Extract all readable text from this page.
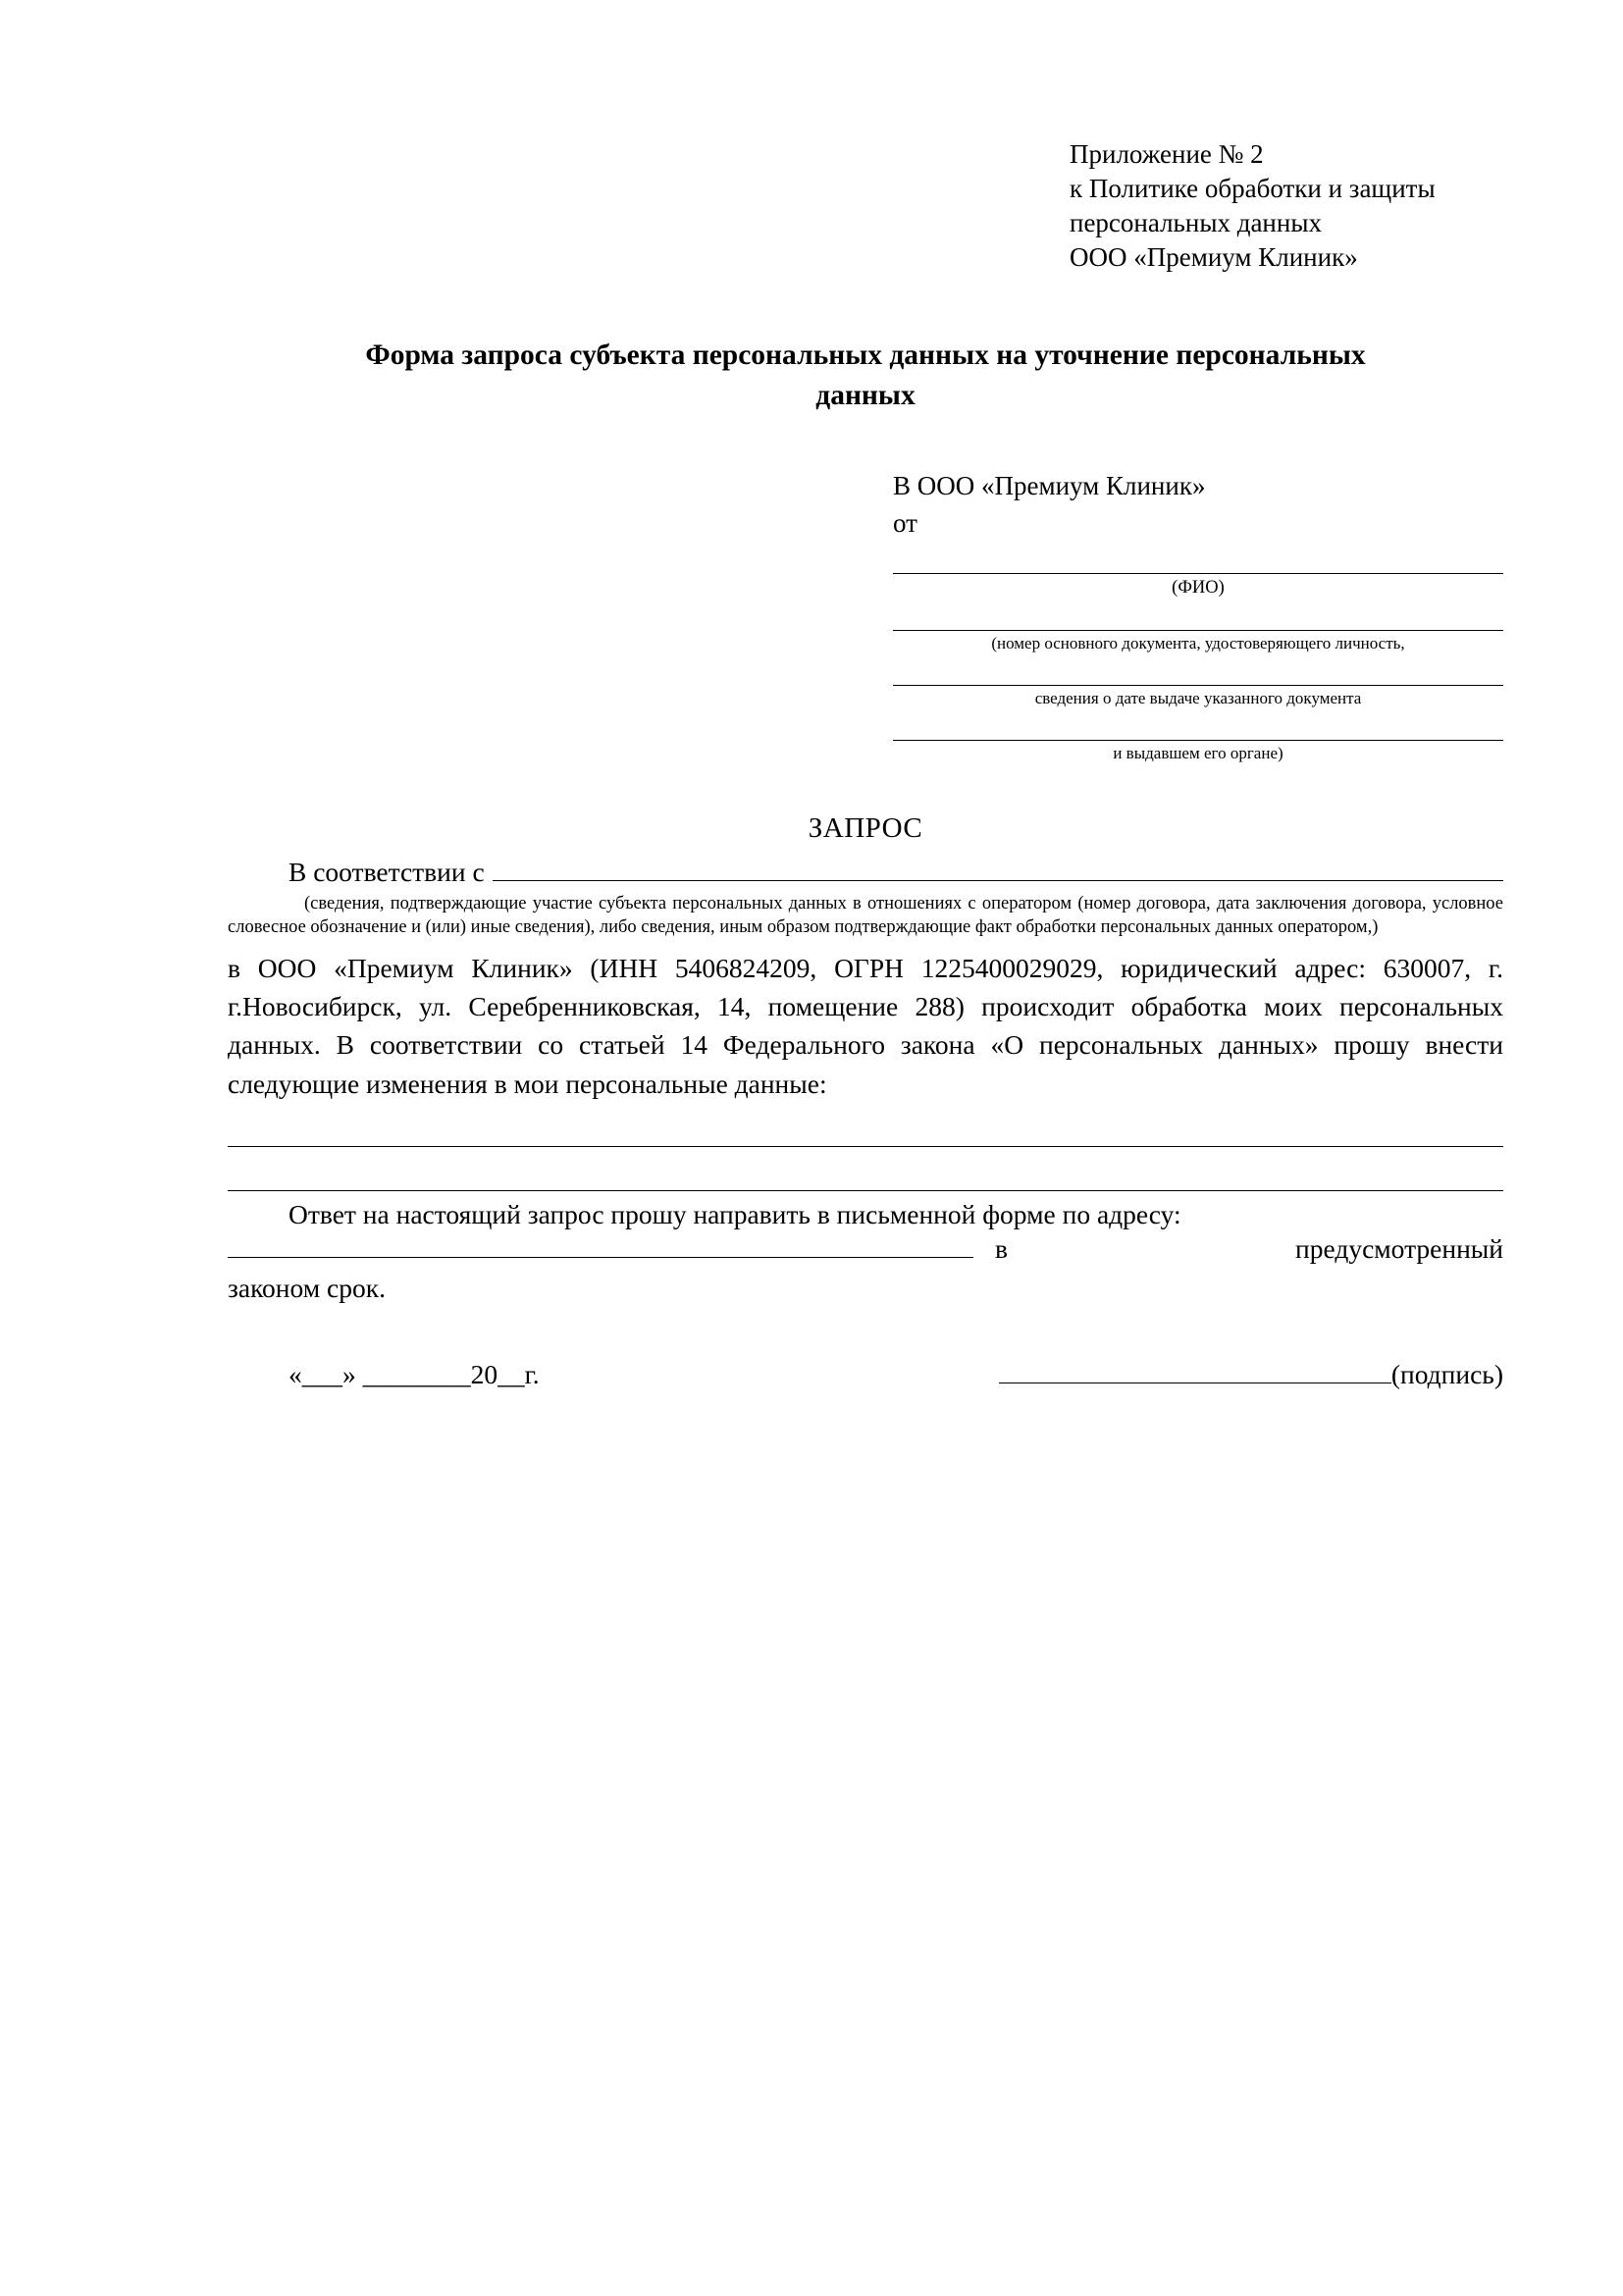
Приложение № 2
к Политике обработки и защиты
персональных данных
ООО «Премиум Клиник»
Форма запроса субъекта персональных данных на уточнение персональных данных
В ООО «Премиум Клиник»
от
(ФИО)
(номер основного документа, удостоверяющего личность,
сведения о дате выдаче указанного документа
и выдавшем его органе)
ЗАПРОС
В соответствии с
(сведения, подтверждающие участие субъекта персональных данных в отношениях с оператором (номер договора, дата заключения договора, условное словесное обозначение и (или) иные сведения), либо сведения, иным образом подтверждающие факт обработки персональных данных оператором,)
в ООО «Премиум Клиник» (ИНН 5406824209, ОГРН 1225400029029, юридический адрес: 630007, г. г.Новосибирск, ул. Серебренниковская, 14, помещение 288) происходит обработка моих персональных данных. В соответствии со статьей 14 Федерального закона «О персональных данных» прошу внести следующие изменения в мои персональные данные:
Ответ на настоящий запрос прошу направить в письменной форме по адресу:
в	предусмотренный
законом срок.
«___» ________20__г.	(подпись)
